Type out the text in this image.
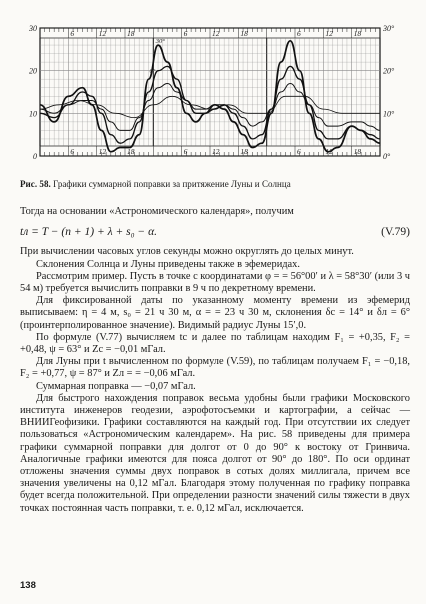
6	12	18	6	12	18	6	12	18
6	12	18	6	12	18	6	12	18
30
20
10
0
30°
20°
10°
0°
30°
0°
Рис. 58. Графики суммарной поправки за притяжение Луны и Солнца

Тогда на основании «Астрономического календаря», получим

tл = T − (n + 1) + λ + s₀ − α.	(V.79)

При вычислении часовых углов секунды можно округлять до целых минут.

Склонения Солнца и Луны приведены также в эфемеридах.

Рассмотрим пример. Пусть в точке с координатами φ = = 56°00′ и λ = 58°30′ (или 3 ч 54 м) требуется вычислить поправки в 9 ч по декретному времени.

Для фиксированной даты по указанному моменту времени из эфемерид выписываем: η = 4 м, s₀ = 21 ч 30 м, α = = 23 ч 30 м, склонения δc = 14° и δл = 6° (проинтерполированное значение). Видимый радиус Луны 15′,0.

По формуле (V.77) вычисляем tc и далее по таблицам находим F₁ = +0,35, F₂ = +0,48, ψ = 63° и Zc = −0,01 мГал.

Для Луны при t вычисленном по формуле (V.59), по таблицам получаем F₁ = −0,18, F₂ = +0,77, ψ = 87° и Zл = = −0,06 мГал.

Суммарная поправка — −0,07 мГал.

Для быстрого нахождения поправок весьма удобны были графики Московского института инженеров геодезии, аэрофотосъемки и картографии, а сейчас — ВНИИГеофизики. Графики составляются на каждый год. При отсутствии их следует пользоваться «Астрономическим календарем». На рис. 58 приведены для примера графики суммарной поправки для долгот от 0 до 90° к востоку от Гринвича. Аналогичные графики имеются для пояса долгот от 90° до 180°. По оси ординат отложены значения суммы двух поправок в сотых долях миллигала, причем все значения увеличены на 0,12 мГал. Благодаря этому полученная по графику поправка будет всегда положительной. При определении разности значений силы тяжести в двух точках постоянная часть поправки, т. е. 0,12 мГал, исключается.

138
